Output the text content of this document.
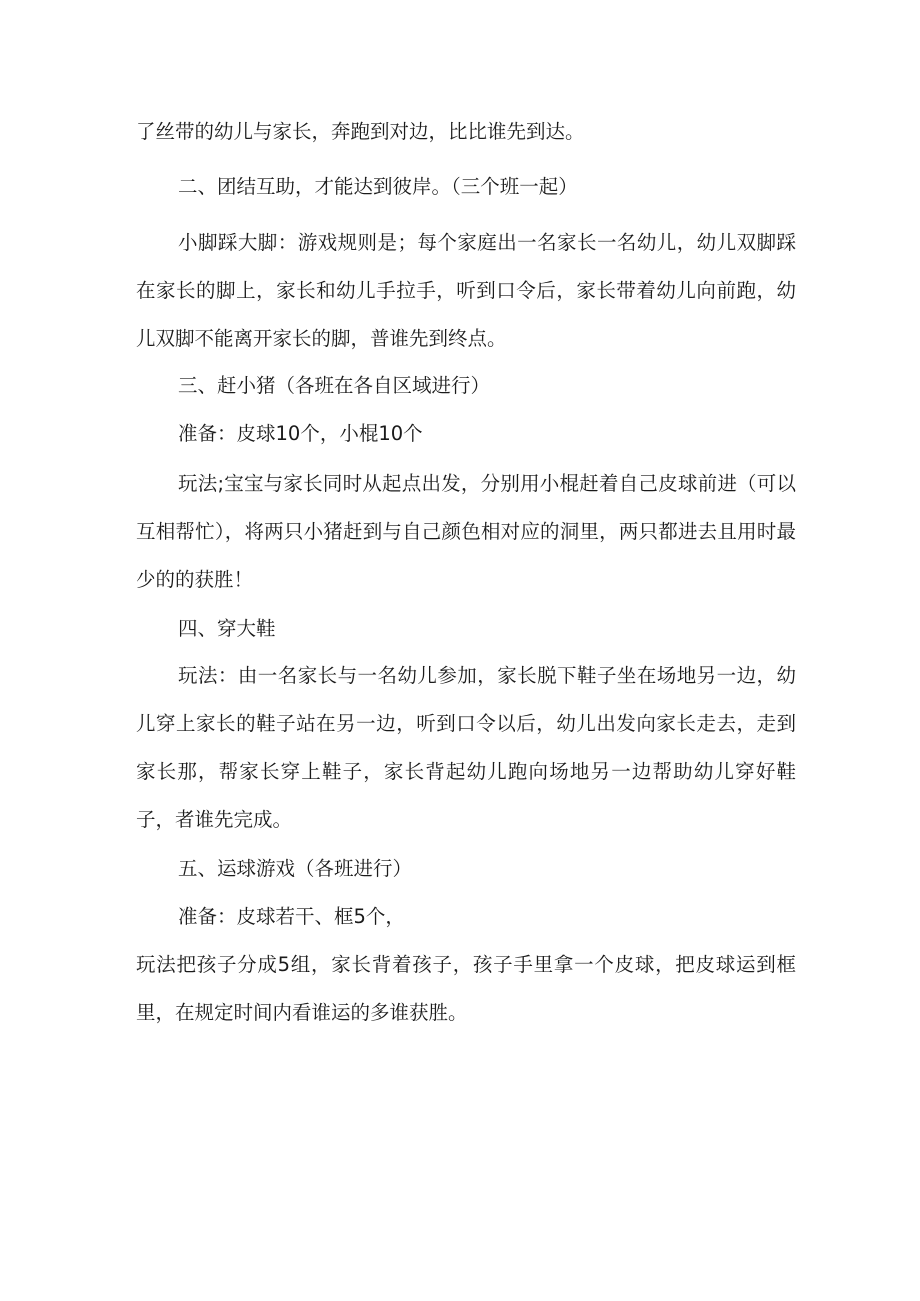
了丝带的幼儿与家长，奔跑到对边，比比谁先到达。

二、团结互助，才能达到彼岸。（三个班一起）

小脚踩大脚：游戏规则是；每个家庭出一名家长一名幼儿，幼儿双脚踩在家长的脚上，家长和幼儿手拉手，听到口令后，家长带着幼儿向前跑，幼儿双脚不能离开家长的脚，普谁先到终点。

三、赶小猪（各班在各自区域进行）

准备：皮球10个，小棍10个

玩法;宝宝与家长同时从起点出发，分别用小棍赶着自己皮球前进（可以互相帮忙），将两只小猪赶到与自己颜色相对应的洞里，两只都进去且用时最少的的获胜！

四、穿大鞋

玩法：由一名家长与一名幼儿参加，家长脱下鞋子坐在场地另一边，幼儿穿上家长的鞋子站在另一边，听到口令以后，幼儿出发向家长走去，走到家长那，帮家长穿上鞋子，家长背起幼儿跑向场地另一边帮助幼儿穿好鞋子，者谁先完成。

五、运球游戏（各班进行）

准备：皮球若干、框5个，

玩法把孩子分成5组，家长背着孩子，孩子手里拿一个皮球，把皮球运到框里，在规定时间内看谁运的多谁获胜。
